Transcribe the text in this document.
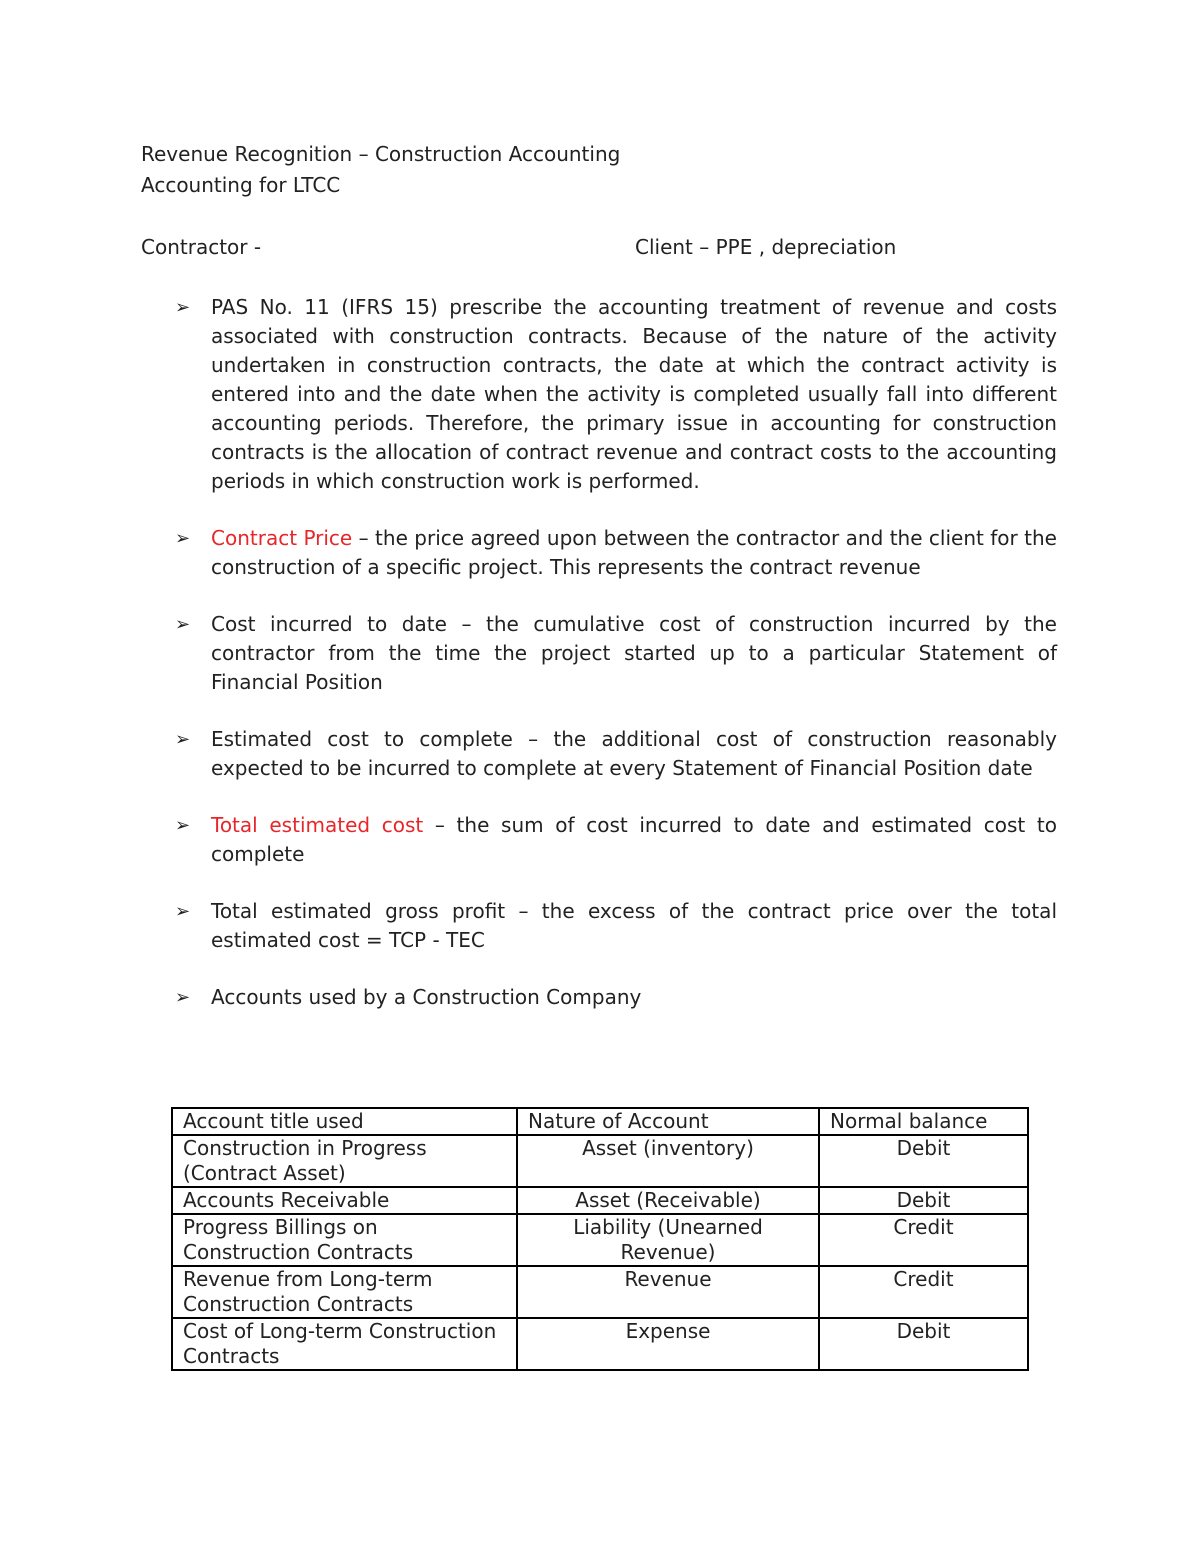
Revenue Recognition – Construction Accounting
Accounting for LTCC
Contractor -	Client – PPE , depreciation
➢ PAS No. 11 (IFRS 15) prescribe the accounting treatment of revenue and costs associated with construction contracts. Because of the nature of the activity undertaken in construction contracts, the date at which the contract activity is entered into and the date when the activity is completed usually fall into different accounting periods. Therefore, the primary issue in accounting for construction contracts is the allocation of contract revenue and contract costs to the accounting periods in which construction work is performed.
➢ Contract Price – the price agreed upon between the contractor and the client for the construction of a specific project. This represents the contract revenue
➢ Cost incurred to date – the cumulative cost of construction incurred by the contractor from the time the project started up to a particular Statement of Financial Position
➢ Estimated cost to complete – the additional cost of construction reasonably expected to be incurred to complete at every Statement of Financial Position date
➢ Total estimated cost – the sum of cost incurred to date and estimated cost to complete
➢ Total estimated gross profit – the excess of the contract price over the total estimated cost = TCP - TEC
➢ Accounts used by a Construction Company
Account title used	Nature of Account	Normal balance
Construction in Progress (Contract Asset)	Asset (inventory)	Debit
Accounts Receivable	Asset (Receivable)	Debit
Progress Billings on Construction Contracts	Liability (Unearned Revenue)	Credit
Revenue from Long-term Construction Contracts	Revenue	Credit
Cost of Long-term Construction Contracts	Expense	Debit
